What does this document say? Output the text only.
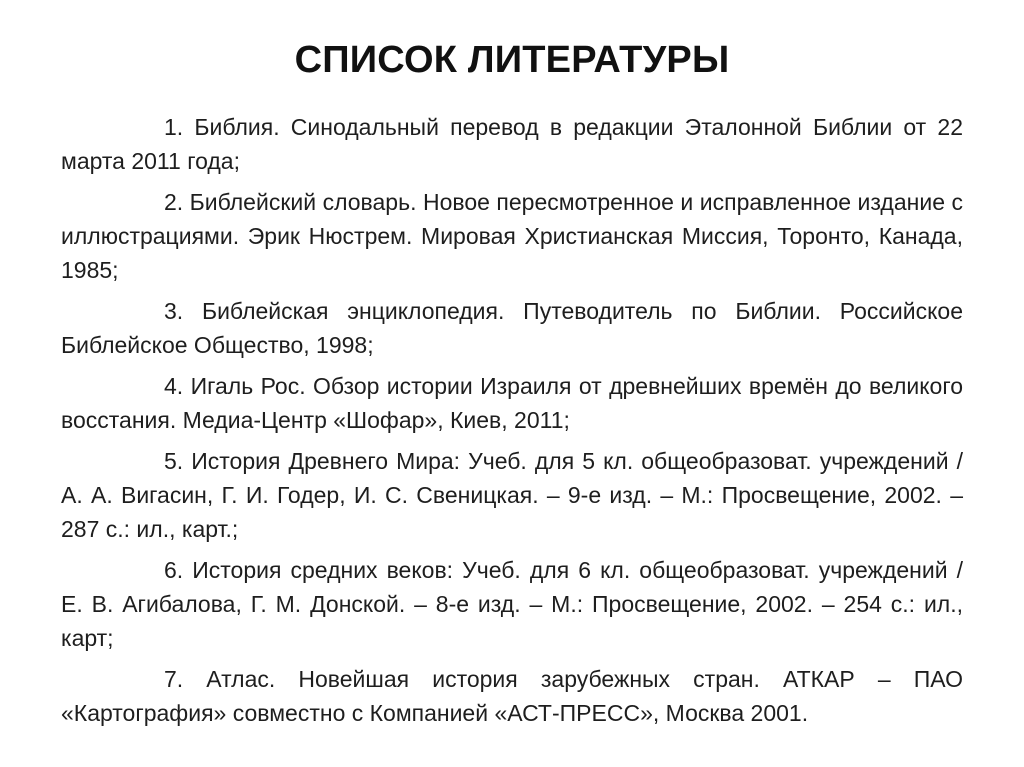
СПИСОК ЛИТЕРАТУРЫ
1. Библия. Синодальный перевод в редакции Эталонной Библии от 22 марта 2011 года;
2. Библейский словарь. Новое пересмотренное и исправленное издание с иллюстрациями. Эрик Нюстрем. Мировая Христианская Миссия, Торонто, Канада, 1985;
3. Библейская энциклопедия. Путеводитель по Библии. Российское Библейское Общество, 1998;
4. Игаль Рос. Обзор истории Израиля от древнейших времён до великого восстания. Медиа-Центр «Шофар», Киев, 2011;
5. История Древнего Мира: Учеб. для 5 кл. общеобразоват. учреждений / А. А. Вигасин, Г. И. Годер, И. С. Свеницкая. – 9-е изд. – М.: Просвещение, 2002. – 287 с.: ил., карт.;
6. История средних веков: Учеб. для 6 кл. общеобразоват. учреждений / Е. В. Агибалова, Г. М. Донской. – 8-е изд. – М.: Просвещение, 2002. – 254 с.: ил., карт;
7. Атлас. Новейшая история зарубежных стран. АТКАР – ПАО «Картография» совместно с Компанией «АСТ-ПРЕСС», Москва 2001.
